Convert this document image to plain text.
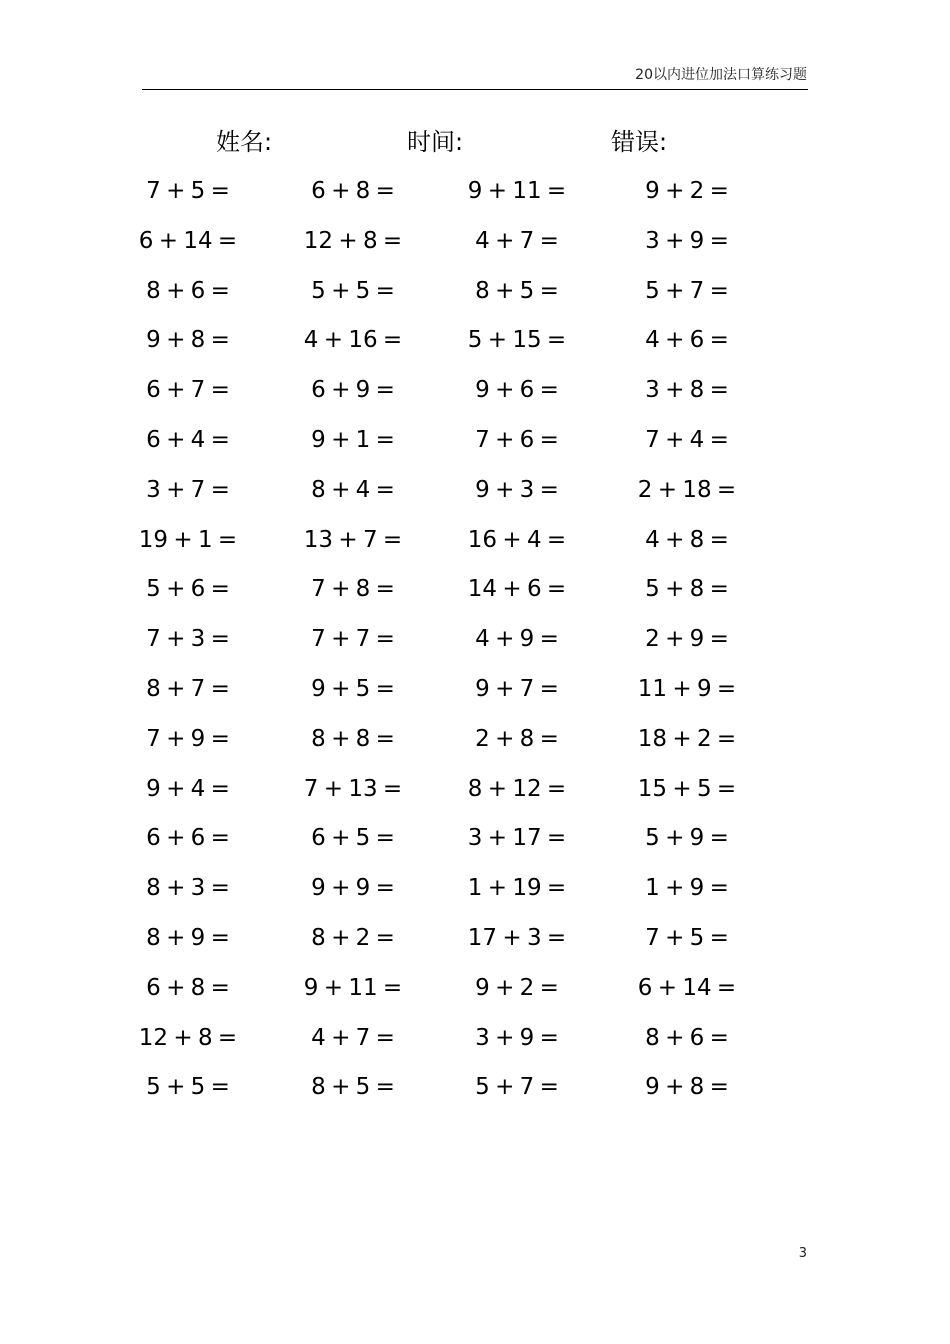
20以内进位加法口算练习题
姓名:	时间:	错误:
7 + 5 =	6 + 8 =	9 + 11 =	9 + 2 =
6 + 14 =	12 + 8 =	4 + 7 =	3 + 9 =
8 + 6 =	5 + 5 =	8 + 5 =	5 + 7 =
9 + 8 =	4 + 16 =	5 + 15 =	4 + 6 =
6 + 7 =	6 + 9 =	9 + 6 =	3 + 8 =
6 + 4 =	9 + 1 =	7 + 6 =	7 + 4 =
3 + 7 =	8 + 4 =	9 + 3 =	2 + 18 =
19 + 1 =	13 + 7 =	16 + 4 =	4 + 8 =
5 + 6 =	7 + 8 =	14 + 6 =	5 + 8 =
7 + 3 =	7 + 7 =	4 + 9 =	2 + 9 =
8 + 7 =	9 + 5 =	9 + 7 =	11 + 9 =
7 + 9 =	8 + 8 =	2 + 8 =	18 + 2 =
9 + 4 =	7 + 13 =	8 + 12 =	15 + 5 =
6 + 6 =	6 + 5 =	3 + 17 =	5 + 9 =
8 + 3 =	9 + 9 =	1 + 19 =	1 + 9 =
8 + 9 =	8 + 2 =	17 + 3 =	7 + 5 =
6 + 8 =	9 + 11 =	9 + 2 =	6 + 14 =
12 + 8 =	4 + 7 =	3 + 9 =	8 + 6 =
5 + 5 =	8 + 5 =	5 + 7 =	9 + 8 =
3
